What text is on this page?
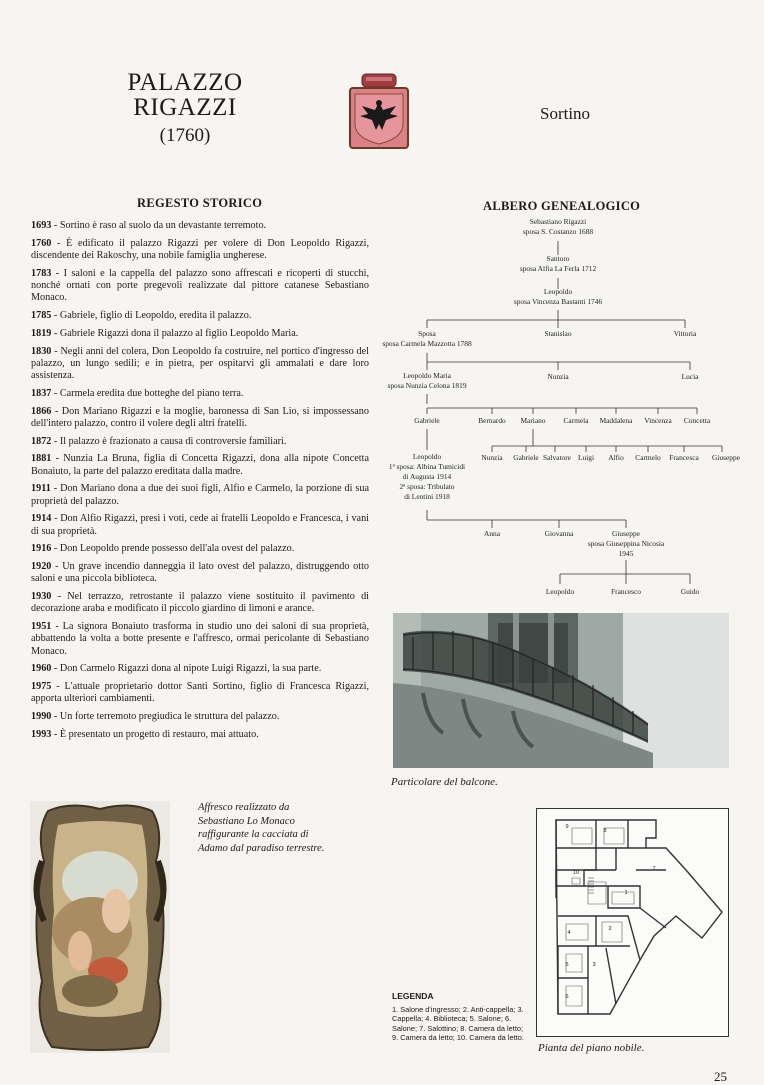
PALAZZO
RIGAZZI
(1760)
Sortino
REGESTO STORICO

1693 - Sortino è raso al suolo da un devastante terremoto.

1760 - È edificato il palazzo Rigazzi per volere di Don Leopoldo Rigazzi, discendente dei Rakoschy, una nobile famiglia ungherese.

1783 - I saloni e la cappella del palazzo sono affrescati e ricoperti di stucchi, nonché ornati con porte pregevoli realizzate dal pittore catanese Sebastiano Monaco.

1785 - Gabriele, figlio di Leopoldo, eredita il palazzo.

1819 - Gabriele Rigazzi dona il palazzo al figlio Leopoldo Maria.

1830 - Negli anni del colera, Don Leopoldo fa costruire, nel portico d'ingresso del palazzo, un lungo sedili; e in pietra, per ospitarvi gli ammalati e dare loro assistenza.

1837 - Carmela eredita due botteghe del piano terra.

1866 - Don Mariano Rigazzi e la moglie, baronessa di San Lio, si impossessano dell'intero palazzo, contro il volere degli altri fratelli.

1872 - Il palazzo è frazionato a causa di controversie familiari.

1881 - Nunzia La Bruna, figlia di Concetta Rigazzi, dona alla nipote Concetta Bonaiuto, la parte del palazzo ereditata dalla madre.

1911 - Don Mariano dona a due dei suoi figli, Alfio e Carmelo, la porzione di sua proprietà del palazzo.

1914 - Don Alfio Rigazzi, presi i voti, cede ai fratelli Leopoldo e Francesca, i vani di sua proprietà.

1916 - Don Leopoldo prende possesso dell'ala ovest del palazzo.

1920 - Un grave incendio danneggia il lato ovest del palazzo, distruggendo otto saloni e una piccola biblioteca.

1930 - Nel terrazzo, retrostante il palazzo viene sostituito il pavimento di decorazione araba e modificato il piccolo giardino di limoni e arance.

1951 - La signora Bonaiuto trasforma in studio uno dei saloni di sua proprietà, abbattendo la volta a botte presente e l'affresco, ormai pericolante di Sebastiano Monaco.

1960 - Don Carmelo Rigazzi dona al nipote Luigi Rigazzi, la sua parte.

1975 - L'attuale proprietario dottor Santi Sortino, figlio di Francesca Rigazzi, apporta ulteriori cambiamenti.

1990 - Un forte terremoto pregiudica le struttura del palazzo.

1993 - È presentato un progetto di restauro, mai attuato.

ALBERO GENEALOGICO
Sebastiano Rigazzi
sposa S. Costanzo 1688
Santoro
sposa Alfia La Ferla 1712
Leopoldo
sposa Vincenza Bastanti 1746
Sposa
sposa Carmela Mazzotta 1788
Stanislao	Vittoria
Leopoldo Maria
sposa Nunzia Celona 1819
Nunzia	Lucia
Gabriele	Bernardo Mariano Carmela Maddalena Vincenza Concetta
Leopoldo
1ª sposa: Albina Tumicidi
di Augusta 1914
2ª sposa: Tribulato
di Lentini 1918
Nunzia Gabriele Salvatore Luigi Alfio Carmelo Francesca Giuseppe
Anna	Giovanna	Giuseppe
sposa Giuseppina Nicosia
1945
Leopoldo	Francesco	Guido
Particolare del balcone.
Affresco realizzato da Sebastiano Lo Monaco raffigurante la cacciata di Adamo dal paradiso terrestre.
LEGENDA
1. Salone d'ingresso; 2. Anti-cappella; 3. Cappella; 4. Biblioteca; 5. Salone; 6. Salone; 7. Salottino; 8. Camera da letto; 9. Camera da letto; 10. Camera da letto.
9
8
10
7
1
4
2
3
5
6
Pianta del piano nobile.
25
